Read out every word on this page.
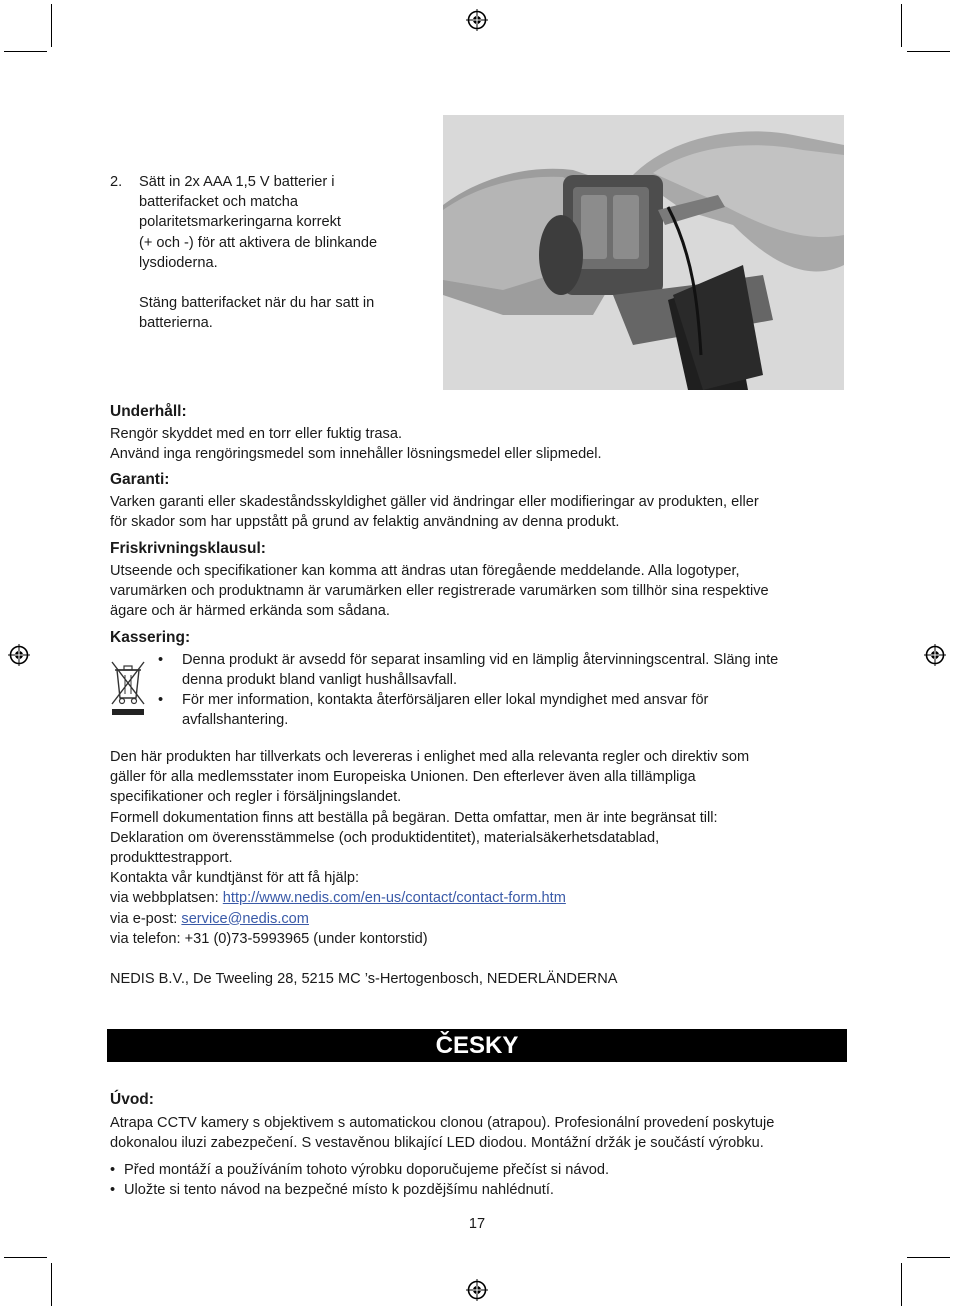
2. Sätt in 2x AAA 1,5 V batterier i
batterifacket och matcha
polaritetsmarkeringarna korrekt
(+ och -) för att aktivera de blinkande
lysdioderna.
Stäng batterifacket när du har satt in
batterierna.
Underhåll:
Rengör skyddet med en torr eller fuktig trasa.
Använd inga rengöringsmedel som innehåller lösningsmedel eller slipmedel.
Garanti:
Varken garanti eller skadeståndsskyldighet gäller vid ändringar eller modifieringar av produkten, eller
för skador som har uppstått på grund av felaktig användning av denna produkt.
Friskrivningsklausul:
Utseende och specifikationer kan komma att ändras utan föregående meddelande. Alla logotyper,
varumärken och produktnamn är varumärken eller registrerade varumärken som tillhör sina respektive
ägare och är härmed erkända som sådana.
Kassering:
• Denna produkt är avsedd för separat insamling vid en lämplig återvinningscentral. Släng inte
denna produkt bland vanligt hushållsavfall.
• För mer information, kontakta återförsäljaren eller lokal myndighet med ansvar för
avfallshantering.
Den här produkten har tillverkats och levereras i enlighet med alla relevanta regler och direktiv som
gäller för alla medlemsstater inom Europeiska Unionen. Den efterlever även alla tillämpliga
specifikationer och regler i försäljningslandet.
Formell dokumentation finns att beställa på begäran. Detta omfattar, men är inte begränsat till:
Deklaration om överensstämmelse (och produktidentitet), materialsäkerhetsdatablad,
produkttestrapport.
Kontakta vår kundtjänst för att få hjälp:
via webbplatsen: http://www.nedis.com/en-us/contact/contact-form.htm
via e-post: service@nedis.com
via telefon: +31 (0)73-5993965 (under kontorstid)
NEDIS B.V., De Tweeling 28, 5215 MC ’s-Hertogenbosch, NEDERLÄNDERNA
ČESKY
Úvod:
Atrapa CCTV kamery s objektivem s automatickou clonou (atrapou). Profesionální provedení poskytuje
dokonalou iluzi zabezpečení. S vestavěnou blikající LED diodou. Montážní držák je součástí výrobku.
• Před montáží a používáním tohoto výrobku doporučujeme přečíst si návod.
• Uložte si tento návod na bezpečné místo k pozdějšímu nahlédnutí.
17
